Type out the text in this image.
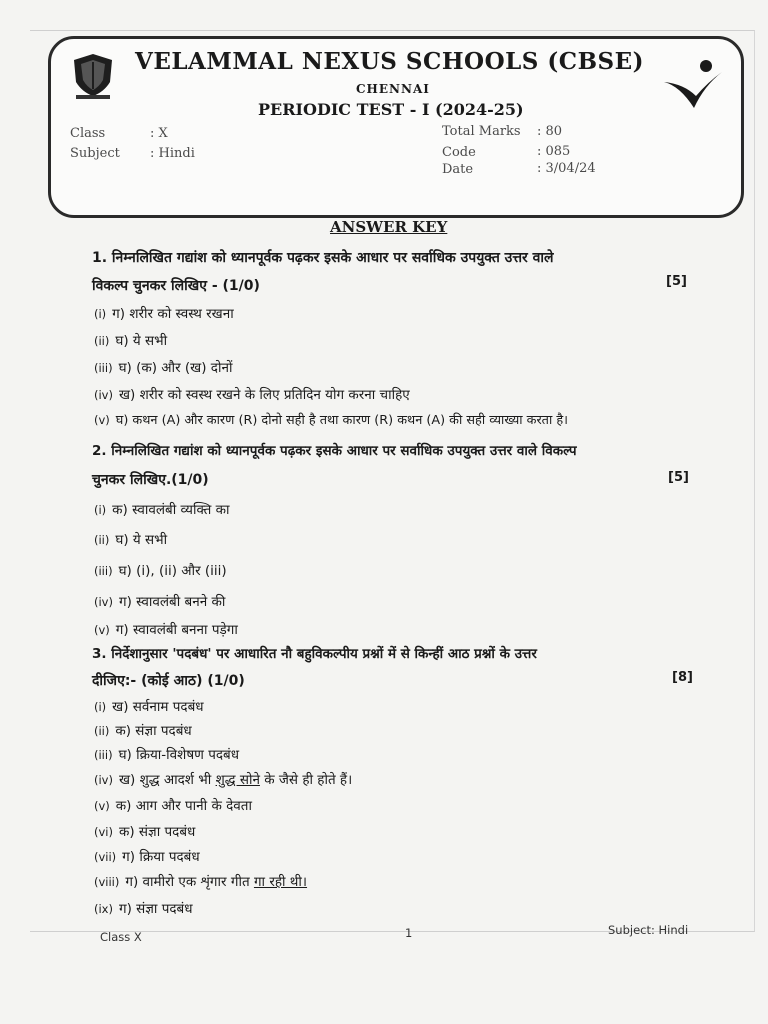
VELAMMAL NEXUS SCHOOLS (CBSE)
CHENNAI
PERIODIC TEST - I (2024-25)
Class	: X
Subject : Hindi
Total Marks : 80
Code	: 085
Date	: 3/04/24
ANSWER KEY
1. निम्नलिखित गद्यांश को ध्यानपूर्वक पढ़कर इसके आधार पर सर्वाधिक उपयुक्त उत्तर वाले
विकल्प चुनकर लिखिए - (1/0)	[5]
(i) ग) शरीर को स्वस्थ रखना
(ii) घ) ये सभी
(iii) घ) (क) और (ख) दोनों
(iv) ख) शरीर को स्वस्थ रखने के लिए प्रतिदिन योग करना चाहिए
(v) घ) कथन (A) और कारण (R) दोनो सही है तथा कारण (R) कथन (A) की सही व्याख्या करता है।
2. निम्नलिखित गद्यांश को ध्यानपूर्वक पढ़कर इसके आधार पर सर्वाधिक उपयुक्त उत्तर वाले विकल्प
चुनकर लिखिए.(1/0)	[5]
(i) क) स्वावलंबी व्यक्ति का
(ii) घ) ये सभी
(iii) घ) (i), (ii) और (iii)
(iv) ग) स्वावलंबी बनने की
(v) ग) स्वावलंबी बनना पड़ेगा
3. निर्देशानुसार 'पदबंध' पर आधारित नौ बहुविकल्पीय प्रश्नों में से किन्हीं आठ प्रश्नों के उत्तर
दीजिए:- (कोई आठ) (1/0)	[8]
(i) ख) सर्वनाम पदबंध
(ii) क) संज्ञा पदबंध
(iii) घ) क्रिया-विशेषण पदबंध
(iv) ख) शुद्ध आदर्श भी शुद्ध सोने के जैसे ही होते हैं।
(v) क) आग और पानी के देवता
(vi) क) संज्ञा पदबंध
(vii) ग) क्रिया पदबंध
(viii) ग) वामीरो एक शृंगार गीत गा रही थी।
(ix) ग) संज्ञा पदबंध
Class X	1	Subject: Hindi
